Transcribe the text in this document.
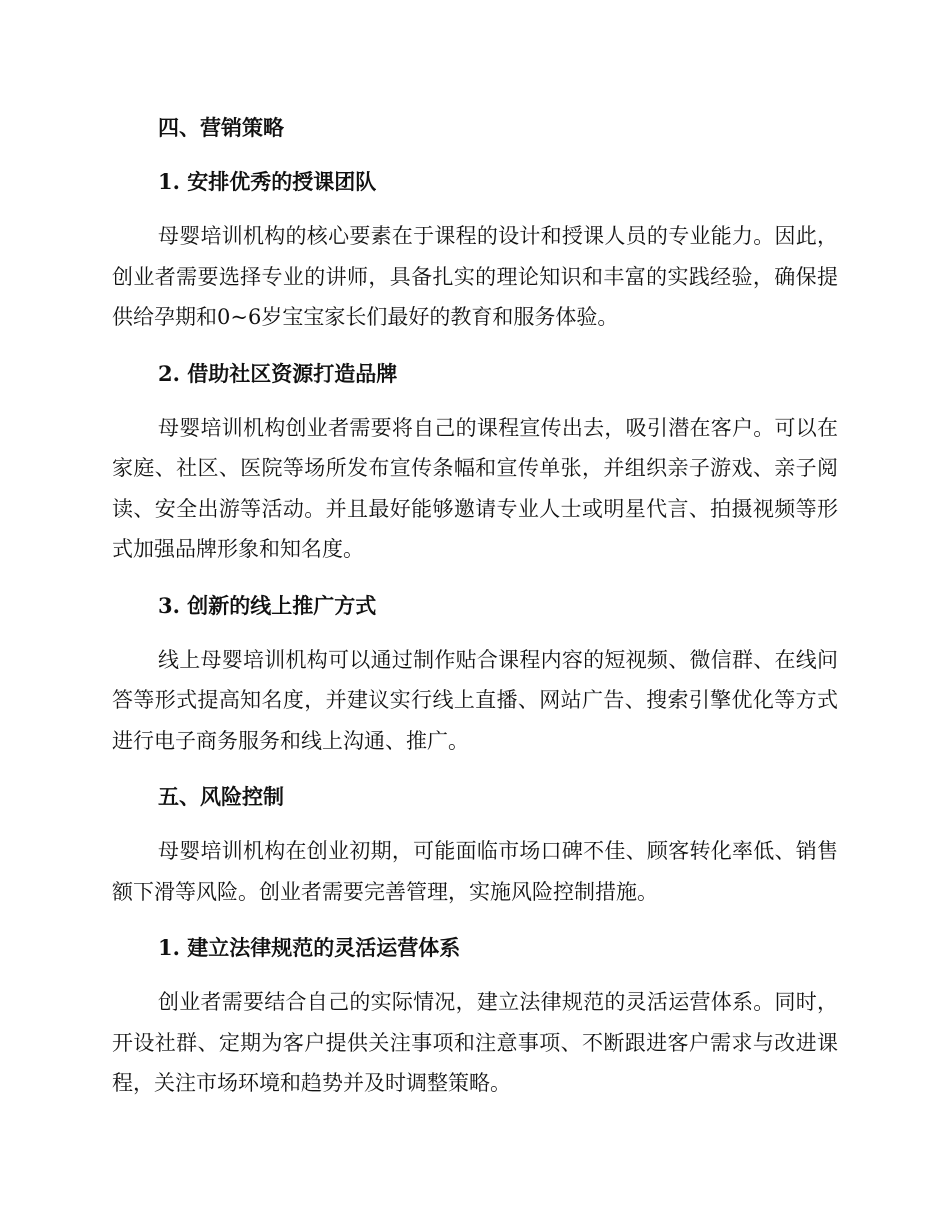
四、营销策略

1. 安排优秀的授课团队

母婴培训机构的核心要素在于课程的设计和授课人员的专业能力。因此，创业者需要选择专业的讲师，具备扎实的理论知识和丰富的实践经验，确保提供给孕期和0~6岁宝宝家长们最好的教育和服务体验。

2. 借助社区资源打造品牌

母婴培训机构创业者需要将自己的课程宣传出去，吸引潜在客户。可以在家庭、社区、医院等场所发布宣传条幅和宣传单张，并组织亲子游戏、亲子阅读、安全出游等活动。并且最好能够邀请专业人士或明星代言、拍摄视频等形式加强品牌形象和知名度。

3. 创新的线上推广方式

线上母婴培训机构可以通过制作贴合课程内容的短视频、微信群、在线问答等形式提高知名度，并建议实行线上直播、网站广告、搜索引擎优化等方式进行电子商务服务和线上沟通、推广。

五、风险控制

母婴培训机构在创业初期，可能面临市场口碑不佳、顾客转化率低、销售额下滑等风险。创业者需要完善管理，实施风险控制措施。

1. 建立法律规范的灵活运营体系

创业者需要结合自己的实际情况，建立法律规范的灵活运营体系。同时，开设社群、定期为客户提供关注事项和注意事项、不断跟进客户需求与改进课程，关注市场环境和趋势并及时调整策略。
